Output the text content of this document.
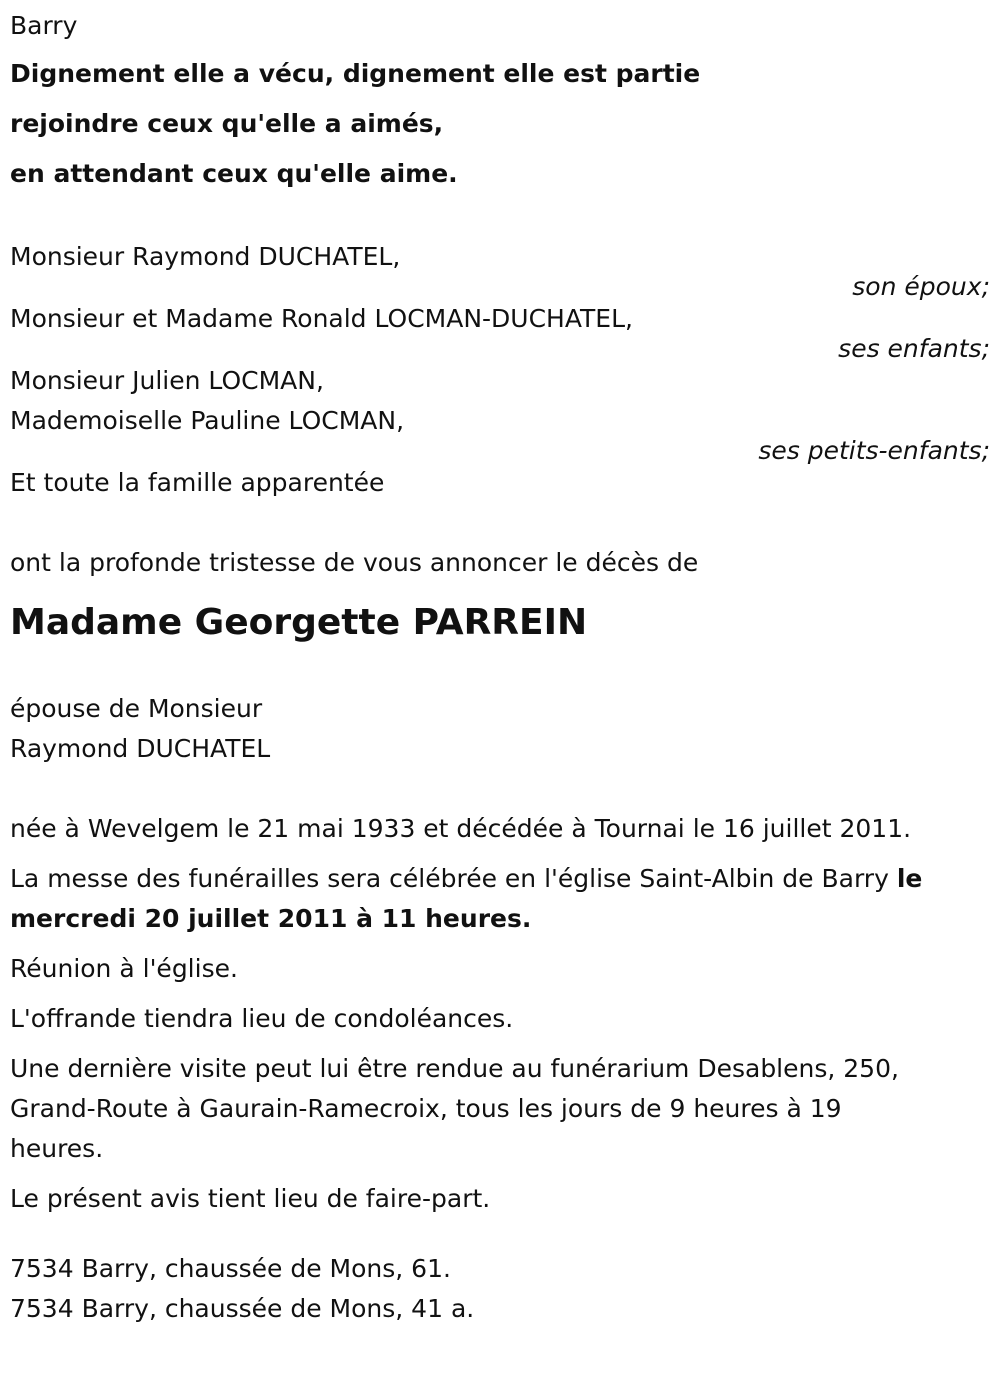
Barry
Dignement elle a vécu, dignement elle est partie
rejoindre ceux qu'elle a aimés,
en attendant ceux qu'elle aime.
Monsieur Raymond DUCHATEL,
son époux;
Monsieur et Madame Ronald LOCMAN-DUCHATEL,
ses enfants;
Monsieur Julien LOCMAN,
Mademoiselle Pauline LOCMAN,
ses petits-enfants;
Et toute la famille apparentée
ont la profonde tristesse de vous annoncer le décès de
Madame Georgette PARREIN
épouse de Monsieur
Raymond DUCHATEL
née à Wevelgem le 21 mai 1933 et décédée à Tournai le 16 juillet 2011.
La messe des funérailles sera célébrée en l'église Saint-Albin de Barry le
mercredi 20 juillet 2011 à 11 heures.
Réunion à l'église.
L'offrande tiendra lieu de condoléances.
Une dernière visite peut lui être rendue au funérarium Desablens, 250,
Grand-Route à Gaurain-Ramecroix, tous les jours de 9 heures à 19
heures.
Le présent avis tient lieu de faire-part.
7534 Barry, chaussée de Mons, 61.
7534 Barry, chaussée de Mons, 41 a.
